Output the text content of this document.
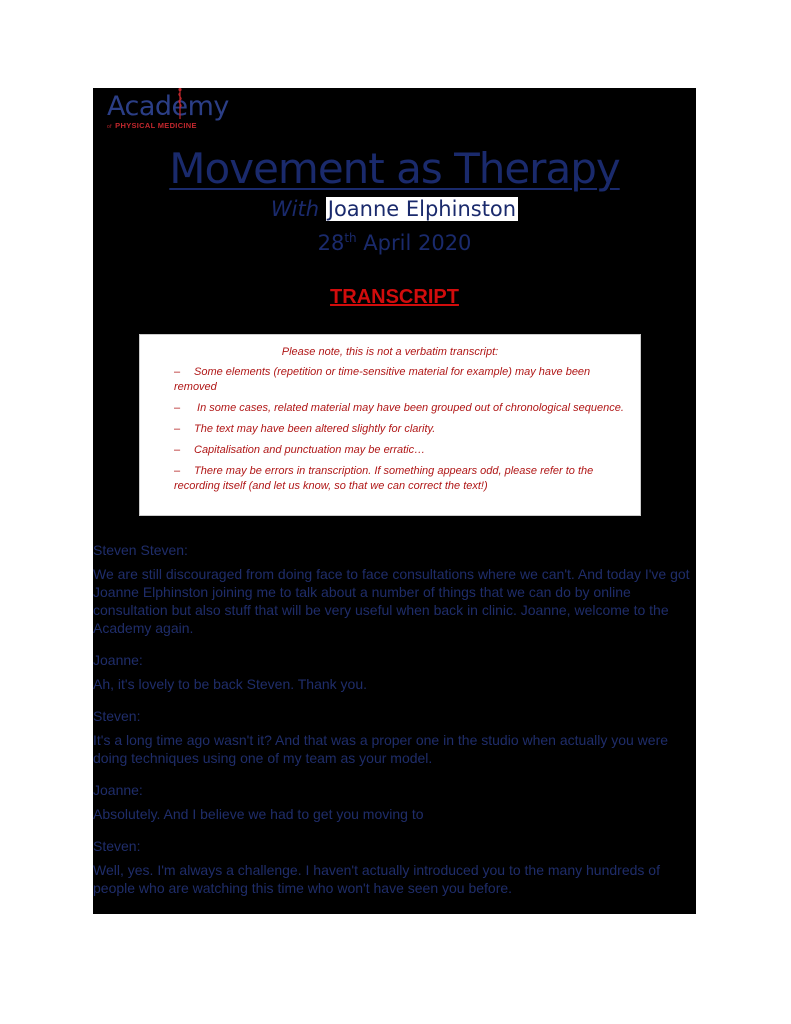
Academy
of PHYSICAL MEDICINE
Movement as Therapy
With Joanne Elphinston
28th April 2020
TRANSCRIPT
Please note, this is not a verbatim transcript:
– Some elements (repetition or time-sensitive material for example) may have been removed
– In some cases, related material may have been grouped out of chronological sequence.
– The text may have been altered slightly for clarity.
– Capitalisation and punctuation may be erratic…
– There may be errors in transcription. If something appears odd, please refer to the recording itself (and let us know, so that we can correct the text!)
Steven Steven:
We are still discouraged from doing face to face consultations where we can't. And today I've got Joanne Elphinston joining me to talk about a number of things that we can do by online consultation but also stuff that will be very useful when back in clinic. Joanne, welcome to the Academy again.
Joanne:
Ah, it's lovely to be back Steven. Thank you.
Steven:
It's a long time ago wasn't it? And that was a proper one in the studio when actually you were doing techniques using one of my team as your model.
Joanne:
Absolutely. And I believe we had to get you moving to
Steven:
Well, yes. I'm always a challenge. I haven't actually introduced you to the many hundreds of people who are watching this time who won't have seen you before.
